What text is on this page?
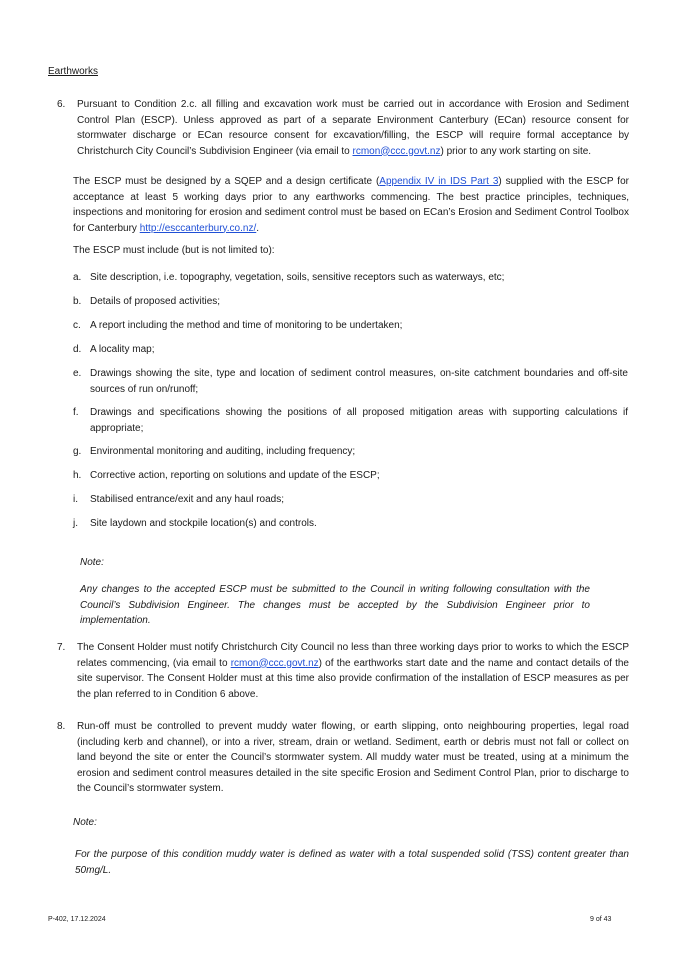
Earthworks
6. Pursuant to Condition 2.c. all filling and excavation work must be carried out in accordance with Erosion and Sediment Control Plan (ESCP). Unless approved as part of a separate Environment Canterbury (ECan) resource consent for stormwater discharge or ECan resource consent for excavation/filling, the ESCP will require formal acceptance by Christchurch City Council’s Subdivision Engineer (via email to rcmon@ccc.govt.nz) prior to any work starting on site.
The ESCP must be designed by a SQEP and a design certificate (Appendix IV in IDS Part 3) supplied with the ESCP for acceptance at least 5 working days prior to any earthworks commencing. The best practice principles, techniques, inspections and monitoring for erosion and sediment control must be based on ECan’s Erosion and Sediment Control Toolbox for Canterbury http://esccanterbury.co.nz/.
The ESCP must include (but is not limited to):
a. Site description, i.e. topography, vegetation, soils, sensitive receptors such as waterways, etc;
b. Details of proposed activities;
c. A report including the method and time of monitoring to be undertaken;
d. A locality map;
e. Drawings showing the site, type and location of sediment control measures, on-site catchment boundaries and off-site sources of run on/runoff;
f. Drawings and specifications showing the positions of all proposed mitigation areas with supporting calculations if appropriate;
g. Environmental monitoring and auditing, including frequency;
h. Corrective action, reporting on solutions and update of the ESCP;
i. Stabilised entrance/exit and any haul roads;
j. Site laydown and stockpile location(s) and controls.
Note:
Any changes to the accepted ESCP must be submitted to the Council in writing following consultation with the Council’s Subdivision Engineer. The changes must be accepted by the Subdivision Engineer prior to implementation.
7. The Consent Holder must notify Christchurch City Council no less than three working days prior to works to which the ESCP relates commencing, (via email to rcmon@ccc.govt.nz) of the earthworks start date and the name and contact details of the site supervisor. The Consent Holder must at this time also provide confirmation of the installation of ESCP measures as per the plan referred to in Condition 6 above.
8. Run-off must be controlled to prevent muddy water flowing, or earth slipping, onto neighbouring properties, legal road (including kerb and channel), or into a river, stream, drain or wetland. Sediment, earth or debris must not fall or collect on land beyond the site or enter the Council’s stormwater system. All muddy water must be treated, using at a minimum the erosion and sediment control measures detailed in the site specific Erosion and Sediment Control Plan, prior to discharge to the Council’s stormwater system.
Note:
For the purpose of this condition muddy water is defined as water with a total suspended solid (TSS) content greater than 50mg/L.
P-402, 17.12.2024	9 of 43
